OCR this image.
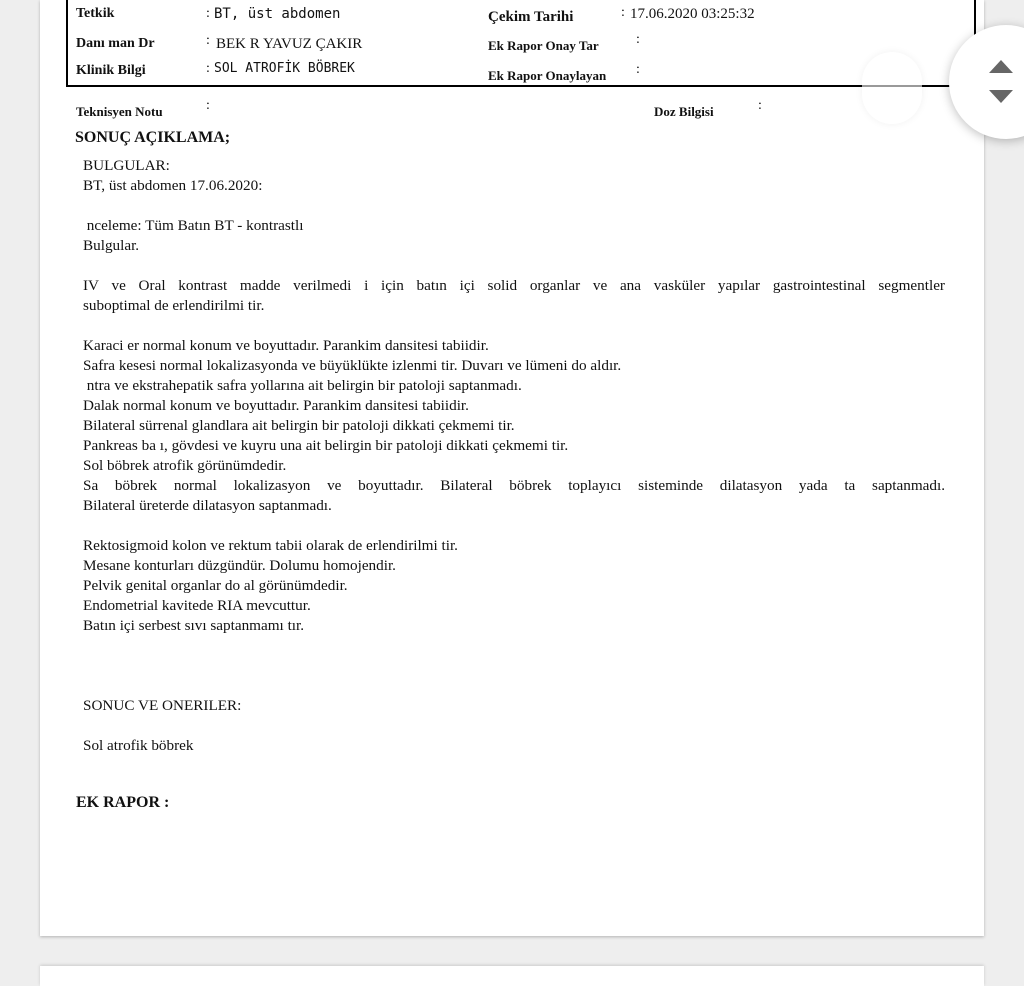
Tetkik	: BT, üst abdomen
Danı man Dr	: BEK R YAVUZ ÇAKIR
Klinik Bilgi	: SOL ATROFİK BÖBREK
Çekim Tarihi	: 17.06.2020 03:25:32
Ek Rapor Onay Tar	:
Ek Rapor Onaylayan :
Teknisyen Notu	:	Doz Bilgisi	:
SONUÇ AÇIKLAMA;

BULGULAR:

BT, üst abdomen 17.06.2020:

nceleme: Tüm Batın BT - kontrastlı

Bulgular.

IV ve Oral kontrast madde verilmedi i için batın içi solid organlar ve ana vasküler yapılar gastrointestinal segmentler

suboptimal de erlendirilmi tir.

Karaci er normal konum ve boyuttadır. Parankim dansitesi tabiidir.

Safra kesesi normal lokalizasyonda ve büyüklükte izlenmi tir. Duvarı ve lümeni do aldır.

ntra ve ekstrahepatik safra yollarına ait belirgin bir patoloji saptanmadı.

Dalak normal konum ve boyuttadır. Parankim dansitesi tabiidir.

Bilateral sürrenal glandlara ait belirgin bir patoloji dikkati çekmemi tir.

Pankreas ba ı, gövdesi ve kuyru una ait belirgin bir patoloji dikkati çekmemi tir.

Sol böbrek atrofik görünümdedir.

Sa böbrek normal lokalizasyon ve boyuttadır. Bilateral böbrek toplayıcı sisteminde dilatasyon yada ta saptanmadı.

Bilateral üreterde dilatasyon saptanmadı.

Rektosigmoid kolon ve rektum tabii olarak de erlendirilmi tir.

Mesane konturları düzgündür. Dolumu homojendir.

Pelvik genital organlar do al görünümdedir.

Endometrial kavitede RIA mevcuttur.

Batın içi serbest sıvı saptanmamı tır.

SONUC VE ONERILER:

Sol atrofik böbrek

EK RAPOR :
